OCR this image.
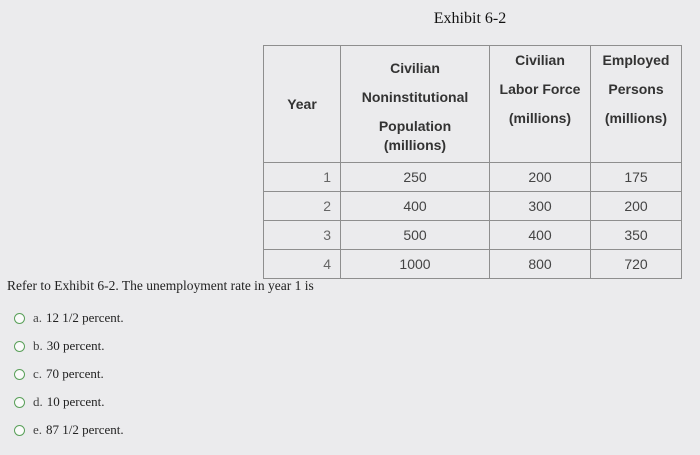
Exhibit 6-2
Year	Civilian
Noninstitutional
Population
(millions)	Civilian
Labor Force
(millions)	Employed
Persons
(millions)

1	250	200	175
2	400	300	200
3	500	400	350
4	1000	800	720
Refer to Exhibit 6-2. The unemployment rate in year 1 is
a. 12 1/2 percent.
b. 30 percent.
c. 70 percent.
d. 10 percent.
e. 87 1/2 percent.
